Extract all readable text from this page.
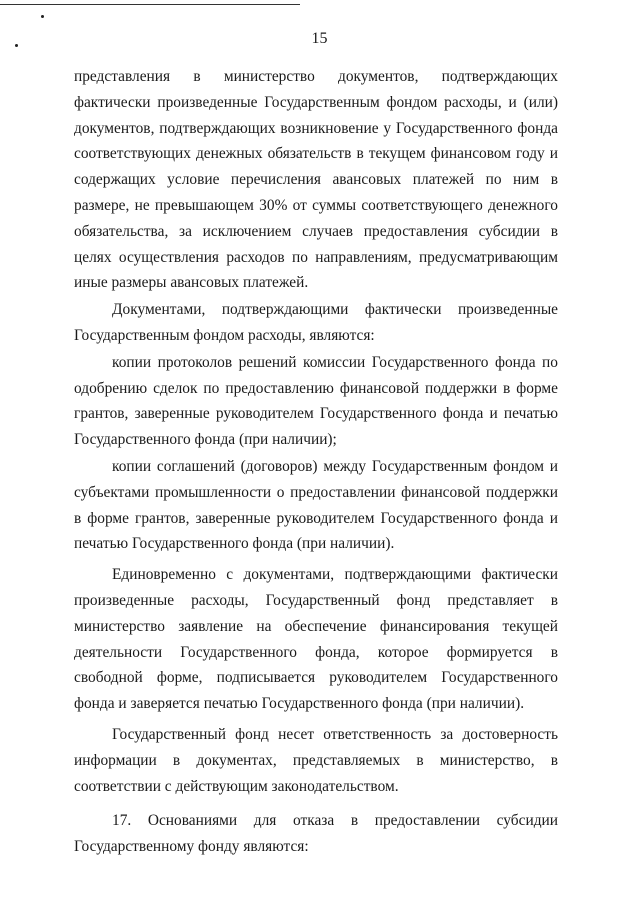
15

представления в министерство документов, подтверждающих фактически произведенные Государственным фондом расходы, и (или) документов, подтверждающих возникновение у Государственного фонда соответствующих денежных обязательств в текущем финансовом году и содержащих условие перечисления авансовых платежей по ним в размере, не превышающем 30% от суммы соответствующего денежного обязательства, за исключением случаев предоставления субсидии в целях осуществления расходов по направлениям, предусматривающим иные размеры авансовых платежей.

Документами, подтверждающими фактически произведенные Государственным фондом расходы, являются:

копии протоколов решений комиссии Государственного фонда по одобрению сделок по предоставлению финансовой поддержки в форме грантов, заверенные руководителем Государственного фонда и печатью Государственного фонда (при наличии);

копии соглашений (договоров) между Государственным фондом и субъектами промышленности о предоставлении финансовой поддержки в форме грантов, заверенные руководителем Государственного фонда и печатью Государственного фонда (при наличии).

Единовременно с документами, подтверждающими фактически произведенные расходы, Государственный фонд представляет в министерство заявление на обеспечение финансирования текущей деятельности Государственного фонда, которое формируется в свободной форме, подписывается руководителем Государственного фонда и заверяется печатью Государственного фонда (при наличии).

Государственный фонд несет ответственность за достоверность информации в документах, представляемых в министерство, в соответствии с действующим законодательством.

17. Основаниями для отказа в предоставлении субсидии Государственному фонду являются:
